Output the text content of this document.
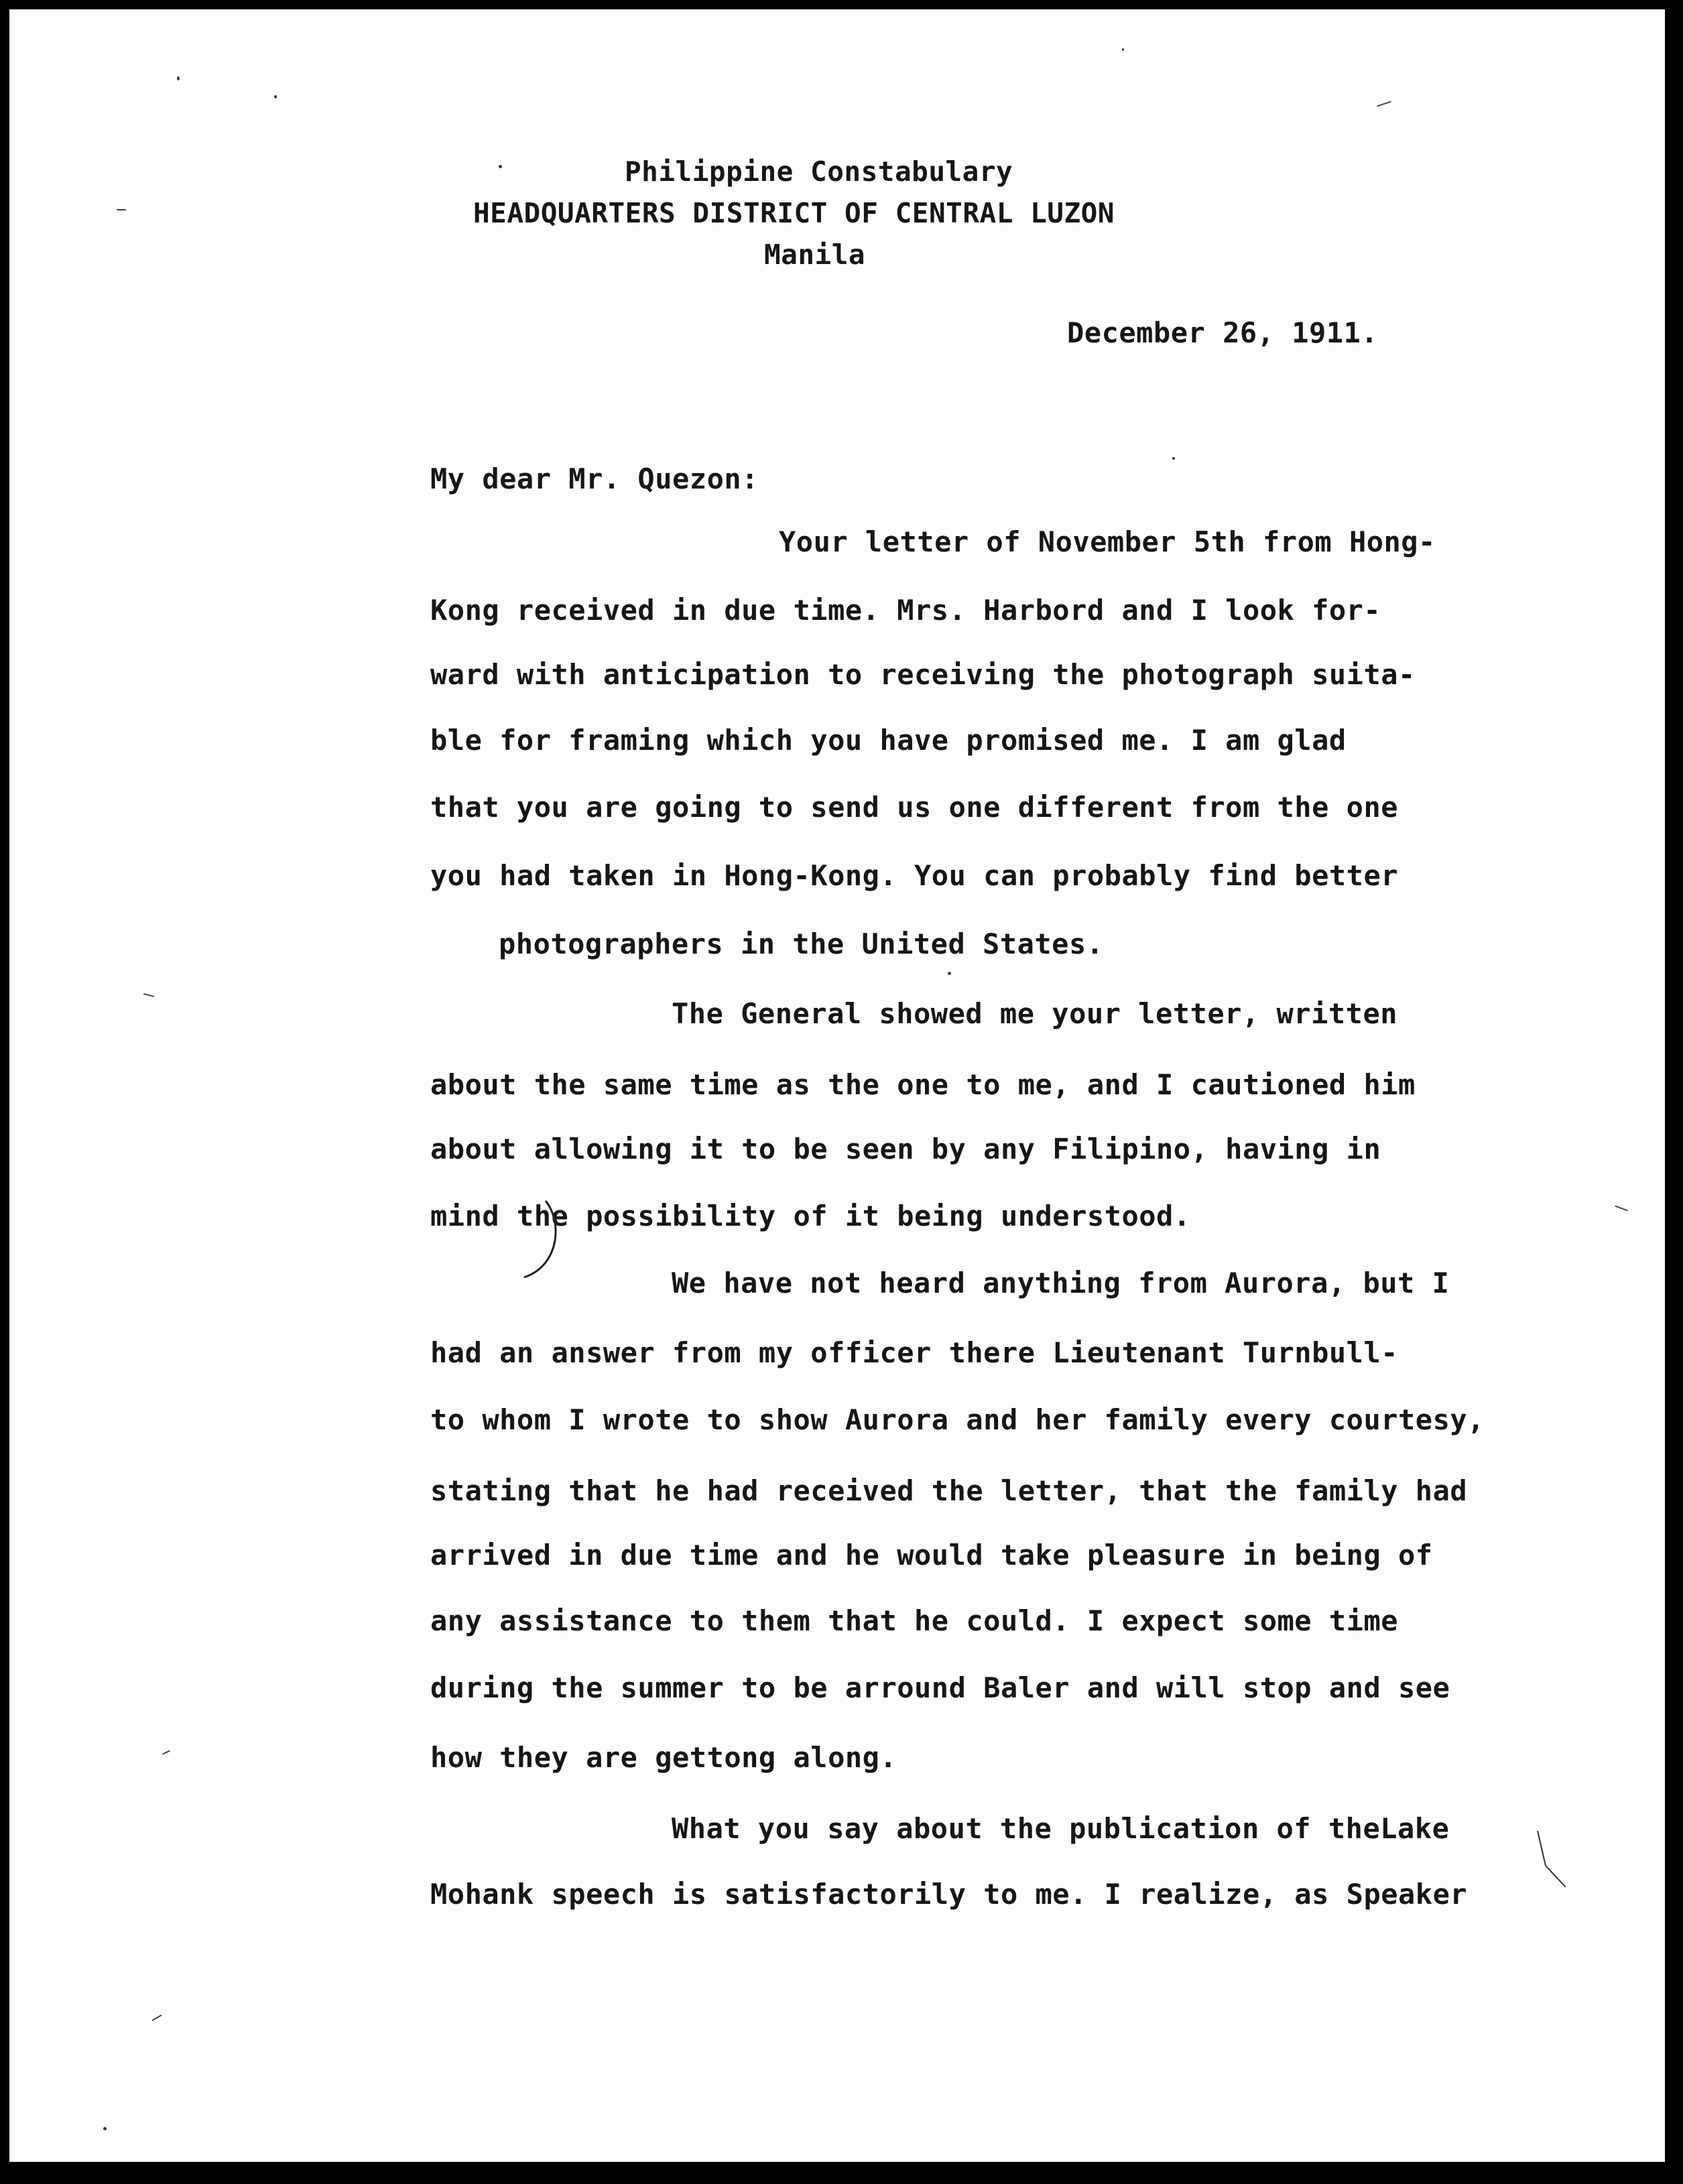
Philippine Constabulary
HEADQUARTERS DISTRICT OF CENTRAL LUZON
Manila
December 26, 1911.
My dear Mr. Quezon:
Your letter of November 5th from Hong-
Kong received in due time. Mrs. Harbord and I look for-
ward with anticipation to receiving the photograph suita-
ble for framing which you have promised me. I am glad
that you are going to send us one different from the one
you had taken in Hong-Kong. You can probably find better
photographers in the United States.
The General showed me your letter, written
about the same time as the one to me, and I cautioned him
about allowing it to be seen by any Filipino, having in
mind the possibility of it being understood.
We have not heard anything from Aurora, but I
had an answer from my officer there Lieutenant Turnbull-
to whom I wrote to show Aurora and her family every courtesy,
stating that he had received the letter, that the family had
arrived in due time and he would take pleasure in being of
any assistance to them that he could. I expect some time
during the summer to be arround Baler and will stop and see
how they are gettong along.
What you say about the publication of theLake
Mohank speech is satisfactorily to me. I realize, as Speaker
